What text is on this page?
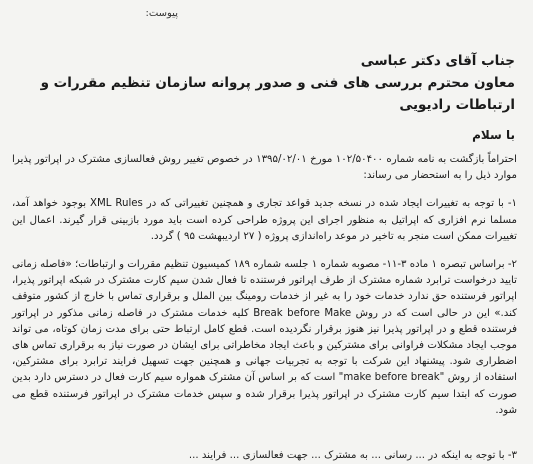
پیوست:
جناب آقای دکتر عباسی
معاون محترم بررسی های فنی و صدور پروانه سازمان تنظیم مقررات و ارتباطات رادیویی
با سلام

احتراماً بازگشت به نامه شماره ۱۰۲/۵۰۴۰۰ مورخ ۱۳۹۵/۰۲/۰۱ در خصوص تغییر روش فعالسازی مشترک در اپراتور پذیرا موارد ذیل را به استحضار می رساند:

۱- با توجه به تغییرات ایجاد شده در نسخه جدید قواعد تجاری و همچنین تغییراتی که در XML Rules بوجود خواهد آمد، مسلما نرم افزاری که اپراتیل به منظور اجرای این پروژه طراحی کرده است باید مورد بازبینی قرار گیرند. اعمال این تغییرات ممکن است منجر به تاخیر در موعد راه‌اندازی پروژه ( ۲۷ اردیبهشت ۹۵ ) گردد.

۲- براساس تبصره ۱ ماده ۳-۱۱- مصوبه شماره ۱ جلسه شماره ۱۸۹ کمیسیون تنظیم مقررات و ارتباطات؛ «فاصله زمانی تایید درخواست ترابرد شماره مشترک از طرف اپراتور فرستنده تا فعال شدن سیم کارت مشترک در شبکه اپراتور پذیرا، اپراتور فرستنده حق ندارد خدمات خود را به غیر از خدمات رومینگ بین الملل و برقراری تماس با خارج از کشور متوقف کند.» این در حالی است که در روش Break before Make کلیه خدمات مشترک در فاصله زمانی مذکور در اپراتور فرستنده قطع و در اپراتور پذیرا نیز هنوز برقرار نگردیده است. قطع کامل ارتباط حتی برای مدت زمان کوتاه، می تواند موجب ایجاد مشکلات فراوانی برای مشترکین و باعث ایجاد مخاطراتی برای ایشان در صورت نیاز به برقراری تماس های اضطراری شود. پیشنهاد این شرکت با توجه به تجربیات جهانی و همچنین جهت تسهیل فرایند ترابرد برای مشترکین، استفاده از روش "make before break" است که بر اساس آن مشترک همواره سیم کارت فعال در دسترس دارد بدین صورت که ابتدا سیم کارت مشترک در اپراتور پذیرا برقرار شده و سپس خدمات مشترک در اپراتور فرستنده قطع می شود.

۳- با توجه به اینکه در ... رسانی ... به مشترک ... جهت فعالسازی ... فرایند ...
